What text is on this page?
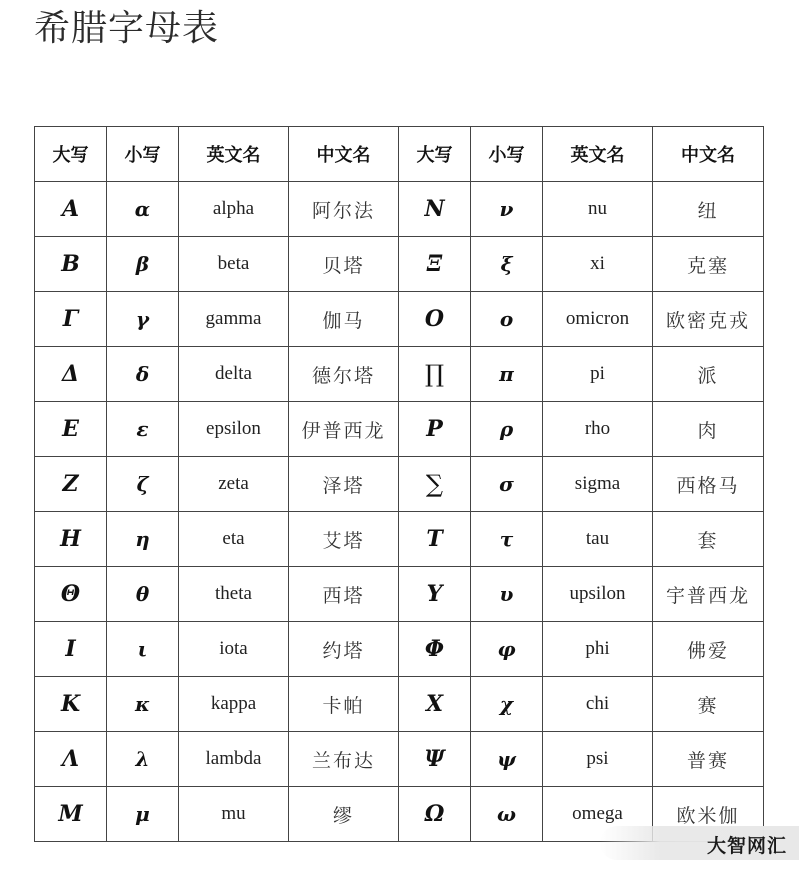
希腊字母表
大写	小写	英文名	中文名	大写	小写	英文名	中文名
A	α	alpha	阿尔法	N	ν	nu	纽
B	β	beta	贝塔	Ξ	ξ	xi	克塞
Γ	γ	gamma	伽马	O	ο	omicron	欧密克戎
Δ	δ	delta	德尔塔	∏	π	pi	派
E	ε	epsilon	伊普西龙	P	ρ	rho	肉
Z	ζ	zeta	泽塔	∑	σ	sigma	西格马
H	η	eta	艾塔	T	τ	tau	套
Θ	θ	theta	西塔	Y	υ	upsilon	宇普西龙
I	ι	iota	约塔	Φ	φ	phi	佛爱
K	κ	kappa	卡帕	X	χ	chi	赛
Λ	λ	lambda	兰布达	Ψ	ψ	psi	普赛
M	μ	mu	缪	Ω	ω	omega	欧米伽
大智网汇
